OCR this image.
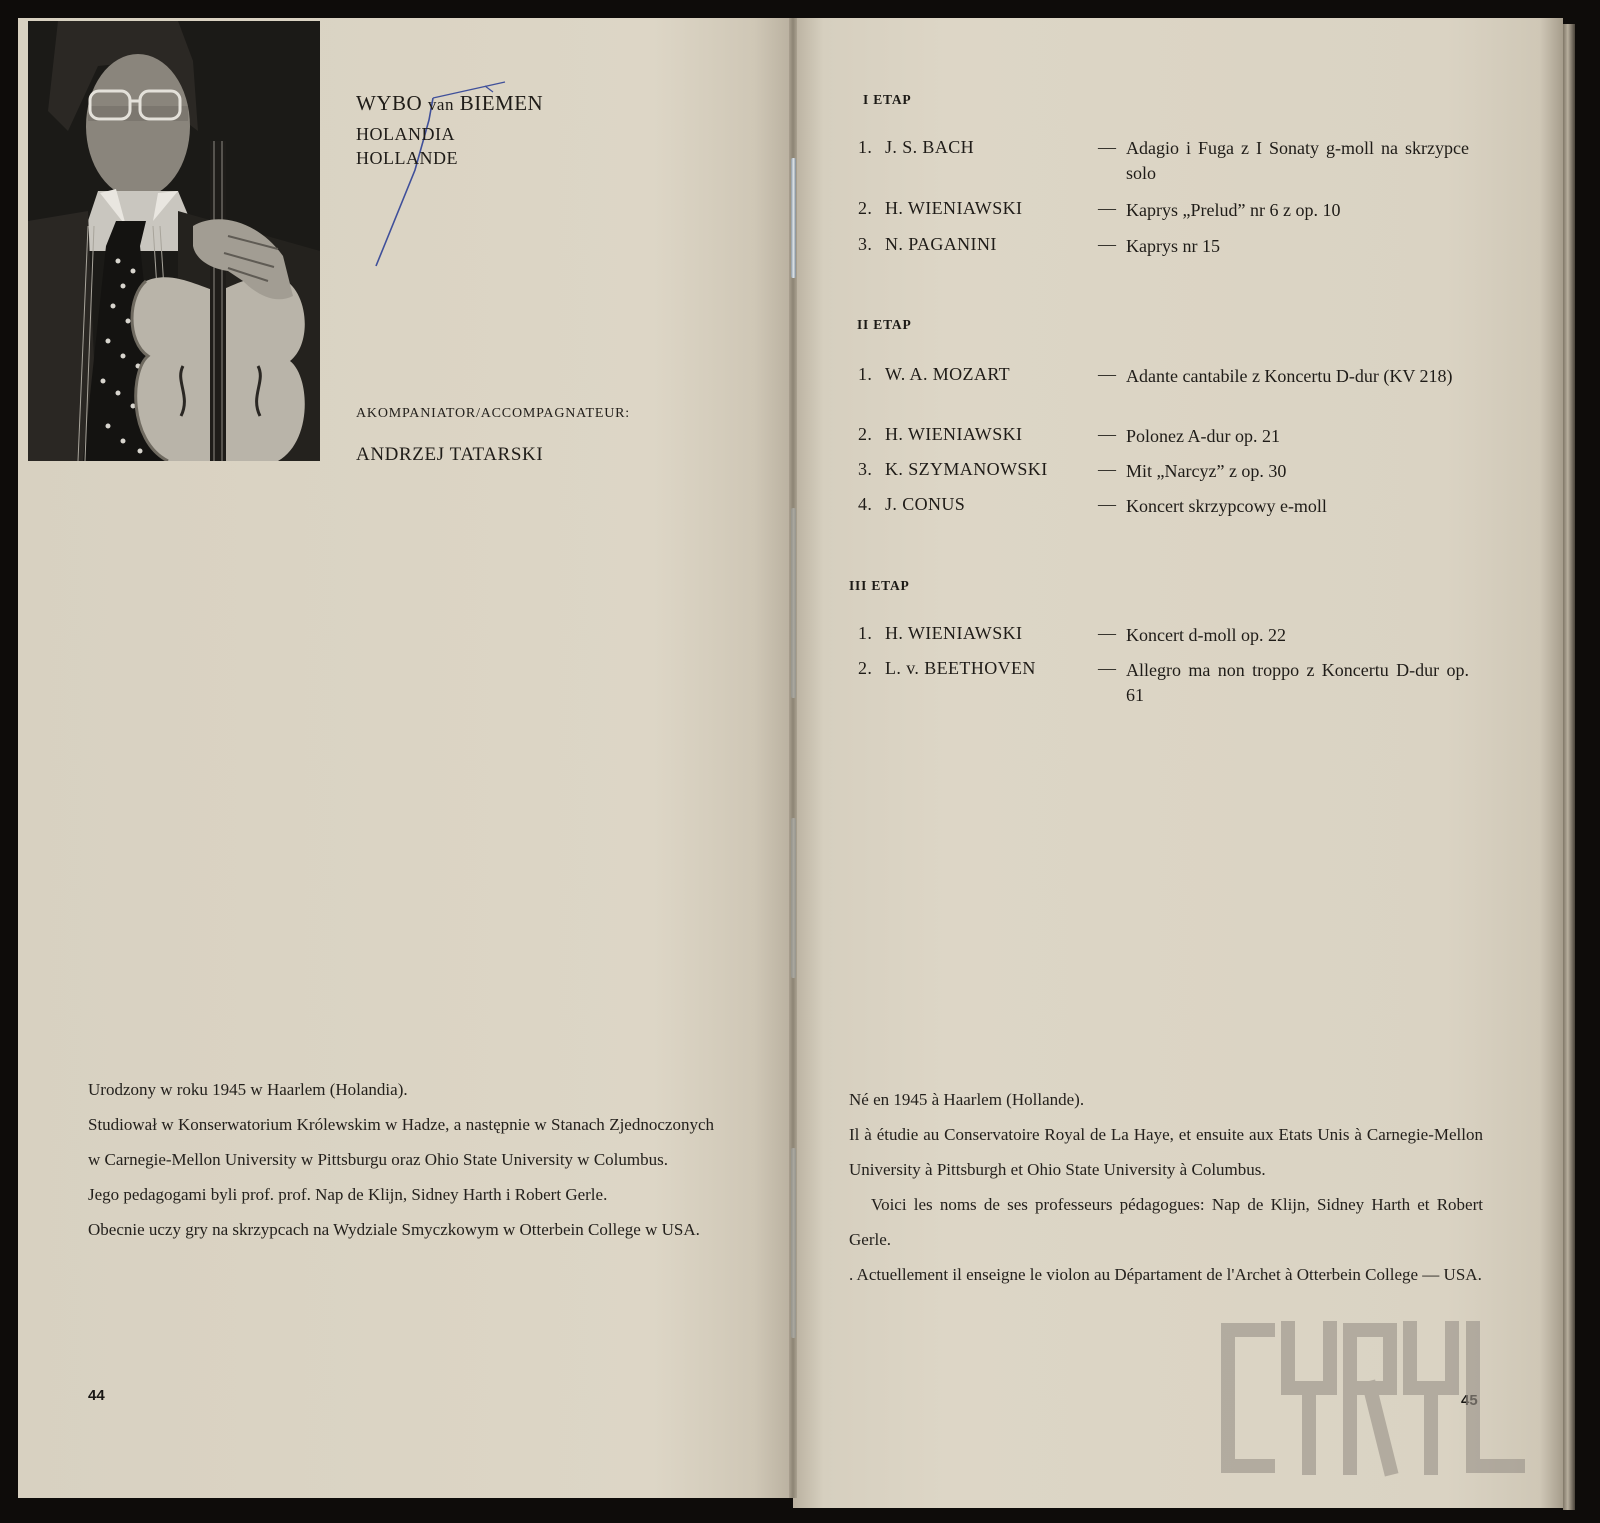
WYBO van BIEMEN
HOLANDIA
HOLLANDE
AKOMPANIATOR/ACCOMPAGNATEUR:
ANDRZEJ TATARSKI

Urodzony w roku 1945 w Haarlem (Holandia).

Studiował w Konserwatorium Królewskim w Hadze, a następnie w Stanach Zjednoczonych w Carnegie-Mellon University w Pittsburgu oraz Ohio State University w Columbus.

Jego pedagogami byli prof. prof. Nap de Klijn, Sidney Harth i Robert Gerle.

Obecnie uczy gry na skrzypcach na Wydziale Smyczkowym w Otterbein College w USA.

44
I ETAP
1. J. S. BACH	— Adagio i Fuga z I Sonaty g-moll na skrzypce solo
2. H. WIENIAWSKI	— Kaprys „Preludˮ nr 6 z op. 10
3. N. PAGANINI	— Kaprys nr 15
II ETAP
1. W. A. MOZART	— Adante cantabile z Koncertu D-dur (KV 218)
2. H. WIENIAWSKI	— Polonez A-dur op. 21
3. K. SZYMANOWSKI	— Mit „Narcyzˮ z op. 30
4. J. CONUS	— Koncert skrzypcowy e-moll
III ETAP
1. H. WIENIAWSKI	— Koncert d-moll op. 22
2. L. v. BEETHOVEN	— Allegro ma non troppo z Koncertu D-dur op. 61

Né en 1945 à Haarlem (Hollande).

Il à étudie au Conservatoire Royal de La Haye, et ensuite aux Etats Unis à Carnegie-Mellon University à Pittsburgh et Ohio State University à Columbus.

Voici les noms de ses professeurs pédagogues: Nap de Klijn, Sidney Harth et Robert Gerle.

. Actuellement il enseigne le violon au Départament de l'Archet à Otterbein College — USA.

45
